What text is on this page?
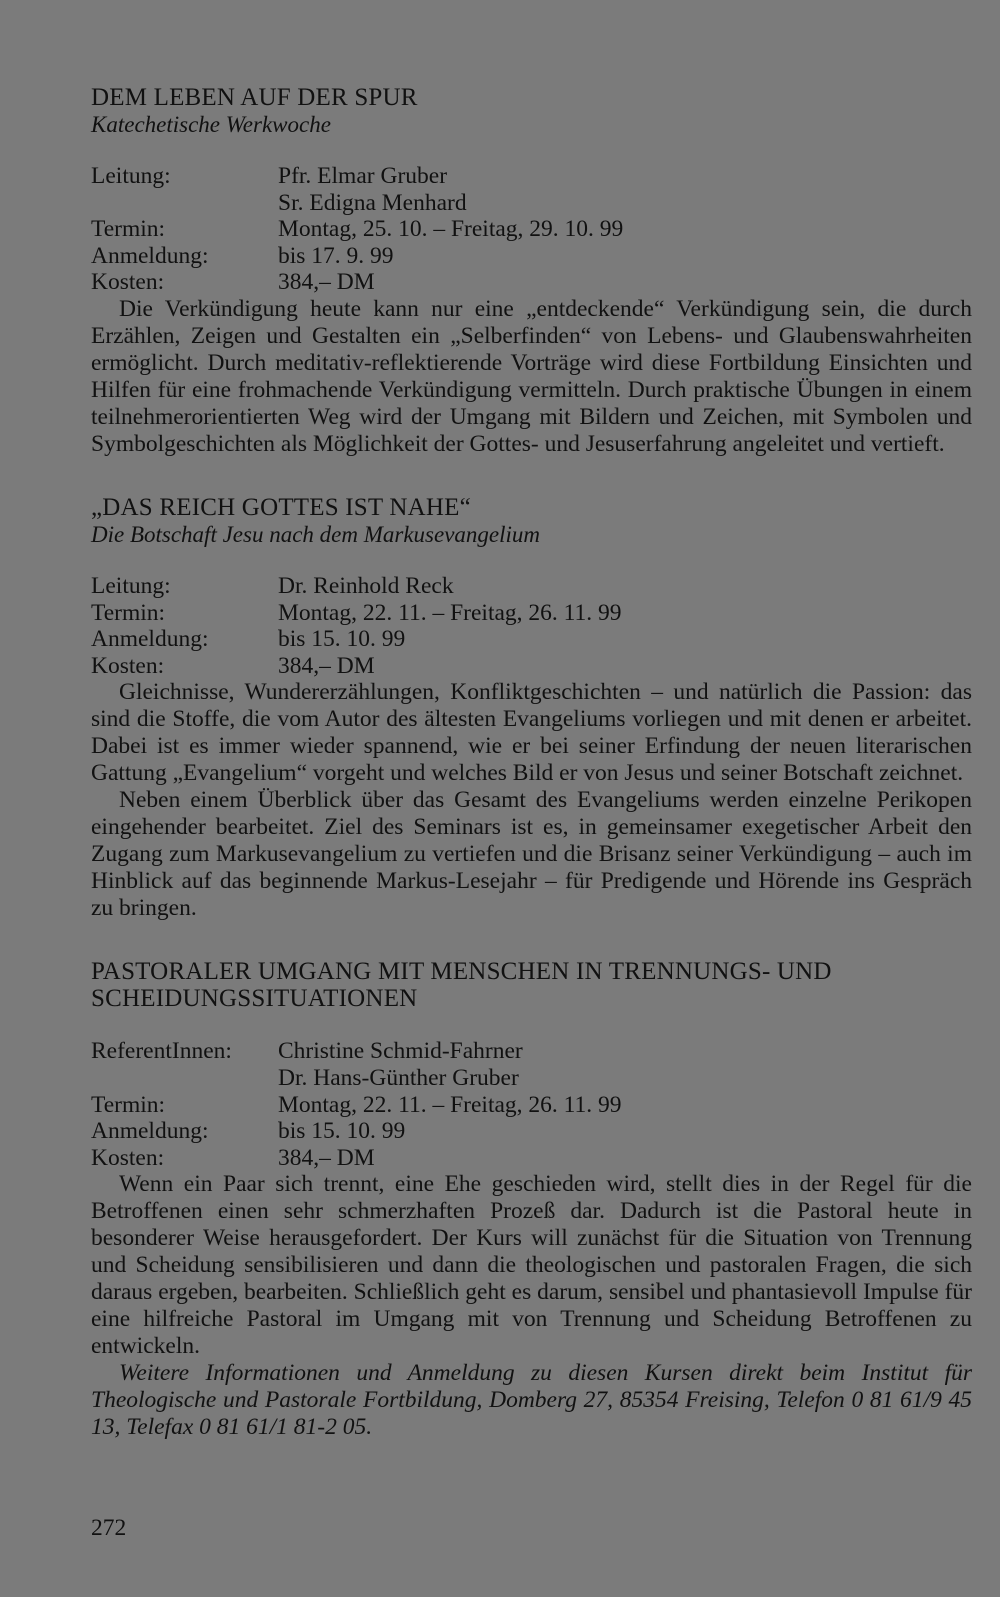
DEM LEBEN AUF DER SPUR
Katechetische Werkwoche
Leitung:	Pfr. Elmar Gruber
Sr. Edigna Menhard
Termin:	Montag, 25. 10. – Freitag, 29. 10. 99
Anmeldung:	bis 17. 9. 99
Kosten:	384,– DM

Die Verkündigung heute kann nur eine „entdeckende“ Verkündigung sein, die durch Erzählen, Zeigen und Gestalten ein „Selberfinden“ von Lebens- und Glaubenswahrheiten ermöglicht. Durch meditativ-reflektierende Vorträge wird diese Fortbildung Einsichten und Hilfen für eine frohmachende Verkündigung vermitteln. Durch praktische Übungen in einem teilnehmerorientierten Weg wird der Umgang mit Bildern und Zeichen, mit Symbolen und Symbolgeschichten als Möglichkeit der Gottes- und Jesuserfahrung angeleitet und vertieft.

„DAS REICH GOTTES IST NAHE“
Die Botschaft Jesu nach dem Markusevangelium
Leitung:	Dr. Reinhold Reck
Termin:	Montag, 22. 11. – Freitag, 26. 11. 99
Anmeldung:	bis 15. 10. 99
Kosten:	384,– DM

Gleichnisse, Wundererzählungen, Konfliktgeschichten – und natürlich die Passion: das sind die Stoffe, die vom Autor des ältesten Evangeliums vorliegen und mit denen er arbeitet. Dabei ist es immer wieder spannend, wie er bei seiner Erfindung der neuen literarischen Gattung „Evangelium“ vorgeht und welches Bild er von Jesus und seiner Botschaft zeichnet.

Neben einem Überblick über das Gesamt des Evangeliums werden einzelne Perikopen eingehender bearbeitet. Ziel des Seminars ist es, in gemeinsamer exegetischer Arbeit den Zugang zum Markusevangelium zu vertiefen und die Brisanz seiner Verkündigung – auch im Hinblick auf das beginnende Markus-Lesejahr – für Predigende und Hörende ins Gespräch zu bringen.

PASTORALER UMGANG MIT MENSCHEN IN TRENNUNGS- UND SCHEIDUNGSSITUATIONEN
ReferentInnen:	Christine Schmid-Fahrner
Dr. Hans-Günther Gruber
Termin:	Montag, 22. 11. – Freitag, 26. 11. 99
Anmeldung:	bis 15. 10. 99
Kosten:	384,– DM

Wenn ein Paar sich trennt, eine Ehe geschieden wird, stellt dies in der Regel für die Betroffenen einen sehr schmerzhaften Prozeß dar. Dadurch ist die Pastoral heute in besonderer Weise herausgefordert. Der Kurs will zunächst für die Situation von Trennung und Scheidung sensibilisieren und dann die theologischen und pastoralen Fragen, die sich daraus ergeben, bearbeiten. Schließlich geht es darum, sensibel und phantasievoll Impulse für eine hilfreiche Pastoral im Umgang mit von Trennung und Scheidung Betroffenen zu entwickeln.

Weitere Informationen und Anmeldung zu diesen Kursen direkt beim Institut für Theologische und Pastorale Fortbildung, Domberg 27, 85354 Freising, Telefon 0 81 61/9 45 13, Telefax 0 81 61/1 81-2 05.

272
